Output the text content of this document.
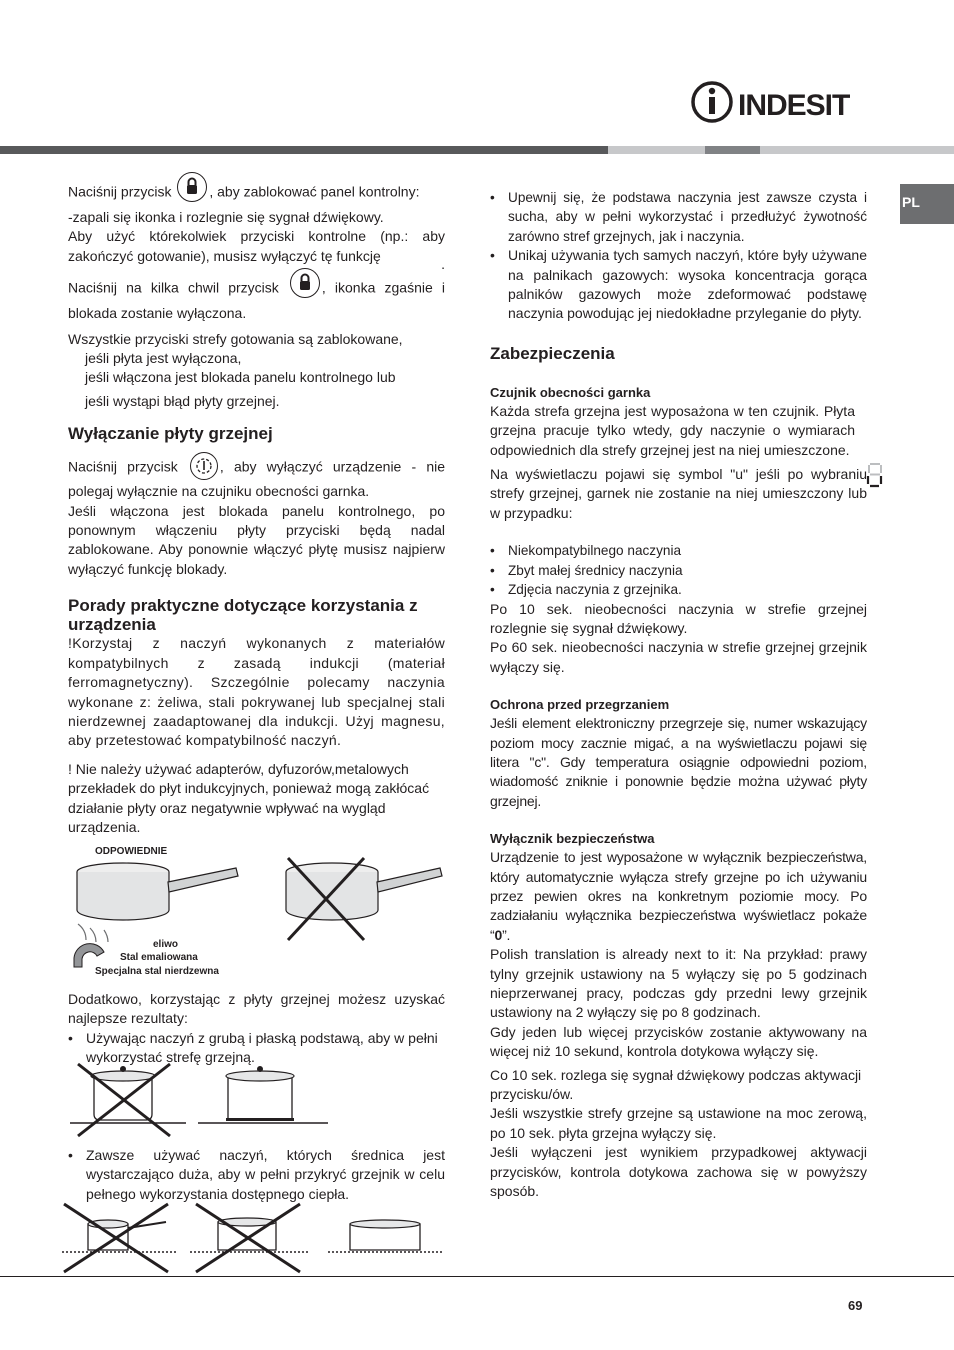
INDESIT
PL

Naciśnij przycisk	, aby zablokować panel kontrolny:

-zapali się ikonka i rozlegnie się sygnał dźwiękowy.

Aby użyć którekolwiek przyciski kontrolne (np.: aby zakończyć gotowanie), musisz wyłączyć tę funkcję	.

Naciśnij na kilka chwil przycisk	, ikonka zgaśnie i blokada zostanie wyłączona.

Wszystkie przyciski strefy gotowania są zablokowane,

jeśli płyta jest wyłączona,

jeśli włączona jest blokada panelu kontrolnego lub

jeśli wystąpi błąd płyty grzejnej.

Wyłączanie płyty grzejnej

Naciśnij przycisk	, aby wyłączyć urządzenie - nie polegaj wyłącznie na czujniku obecności garnka.

Jeśli włączona jest blokada panelu kontrolnego, po ponownym włączeniu płyty przyciski będą nadal zablokowane. Aby ponownie włączyć płytę musisz najpierw wyłączyć funkcję blokady.

Porady praktyczne dotyczące korzystania z urządzenia

!Korzystaj z naczyń wykonanych z materiałów kompatybilnych z zasadą indukcji (materiał ferromagnetyczny). Szczególnie polecamy naczynia wykonane z: żeliwa, stali pokrywanej lub specjalnej stali nierdzewnej zaadaptowanej dla indukcji. Użyj magnesu, aby przetestować kompatybilność naczyń.

! Nie należy używać adapterów, dyfuzorów,metalowych przekładek do płyt indukcyjnych, ponieważ mogą zakłócać działanie płyty oraz negatywnie wpływać na wygląd urządzenia.

ODPOWIEDNIE
eliwo
Stal emaliowana
Specjalna stal nierdzewna

Dodatkowo, korzystając z płyty grzejnej możesz uzyskać najlepsze rezultaty:

• Używając naczyń z grubą i płaską podstawą, aby w pełni wykorzystać strefę grzejną.
• Zawsze używać naczyń, których średnica jest wystarczająco duża, aby w pełni przykryć grzejnik w celu pełnego wykorzystania dostępnego ciepła.
• Upewnij się, że podstawa naczynia jest zawsze czysta i sucha, aby w pełni wykorzystać i przedłużyć żywotność zarówno stref grzejnych, jak i naczynia.
• Unikaj używania tych samych naczyń, które były używane na palnikach gazowych: wysoka koncentracja gorąca palników gazowych może zdeformować podstawę naczynia powodując jej niedokładne przyleganie do płyty.

Zabezpieczenia

Czujnik obecności garnka

Każda strefa grzejna jest wyposażona w ten czujnik. Płyta grzejna pracuje tylko wtedy, gdy naczynie o wymiarach odpowiednich dla strefy grzejnej jest na niej umieszczone.

Na wyświetlaczu pojawi się symbol "u" jeśli po wybraniu strefy grzejnej, garnek nie zostanie na niej umieszczony lub w przypadku:

• Niekompatybilnego naczynia
• Zbyt małej średnicy naczynia
• Zdjęcia naczynia z grzejnika.

Po 10 sek. nieobecności naczynia w strefie grzejnej rozlegnie się sygnał dźwiękowy.

Po 60 sek. nieobecności naczynia w strefie grzejnej grzejnik wyłączy się.

Ochrona przed przegrzaniem

Jeśli element elektroniczny przegrzeje się, numer wskazujący poziom mocy zacznie migać, a na wyświetlaczu pojawi się litera "c". Gdy temperatura osiągnie odpowiedni poziom, wiadomość zniknie i ponownie będzie można używać płyty grzejnej.

Wyłącznik bezpieczeństwa

Urządzenie to jest wyposażone w wyłącznik bezpieczeństwa, który automatycznie wyłącza strefy grzejne po ich używaniu przez pewien okres na konkretnym poziomie mocy. Po zadziałaniu wyłącznika bezpieczeństwa wyświetlacz pokaże “0”.

Polish translation is already next to it: Na przykład: prawy tylny grzejnik ustawiony na 5 wyłączy się po 5 godzinach nieprzerwanej pracy, podczas gdy przedni lewy grzejnik ustawiony na 2 wyłączy się po 8 godzinach.

Gdy jeden lub więcej przycisków zostanie aktywowany na więcej niż 10 sekund, kontrola dotykowa wyłączy się.

Co 10 sek. rozlega się sygnał dźwiękowy podczas aktywacji przycisku/ów.

Jeśli wszystkie strefy grzejne są ustawione na moc zerową, po 10 sek. płyta grzejna wyłączy się.

Jeśli wyłączeni jest wynikiem przypadkowej aktywacji przycisków, kontrola dotykowa zachowa się w powyższy sposób.

69
